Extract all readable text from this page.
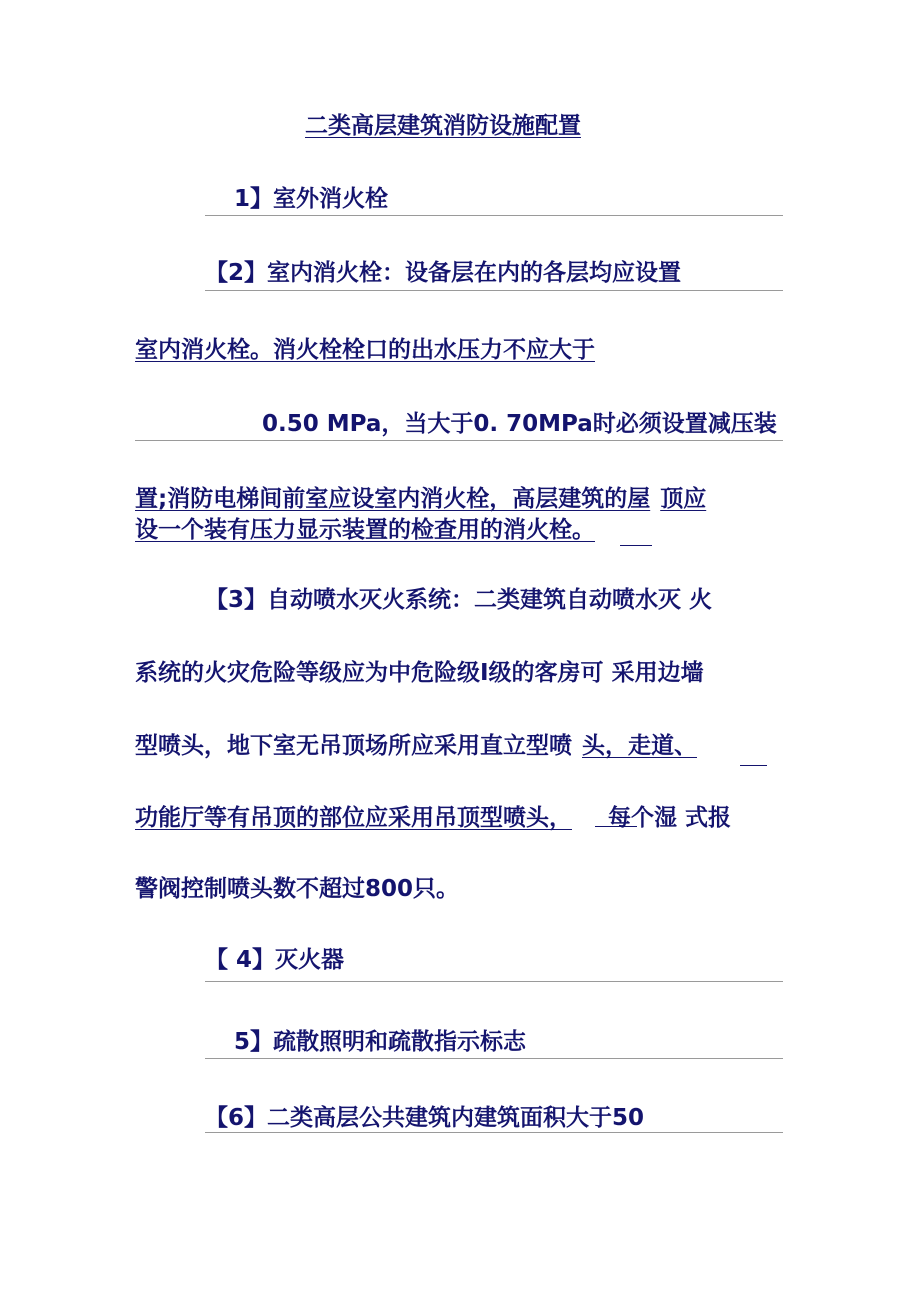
二类高层建筑消防设施配置
1】室外消火栓
【2】室内消火栓：设备层在内的各层均应设置
室内消火栓。消火栓栓口的出水压力不应大于
0.50 MPa，当大于0. 70MPa时必须设置减压装
置;消防电梯间前室应设室内消火栓，高层建筑的屋 顶应
设一个装有压力显示装置的检查用的消火栓。
【3】自动喷水灭火系统：二类建筑自动喷水灭 火
系统的火灾危险等级应为中危险级I级的客房可 采用边墙
型喷头，地下室无吊顶场所应采用直立型喷 头，走道、
功能厅等有吊顶的部位应采用吊顶型喷头， 每个湿 式报
警阀控制喷头数不超过800只。
【 4】灭火器
5】疏散照明和疏散指示标志
【6】二类高层公共建筑内建筑面积大于50
